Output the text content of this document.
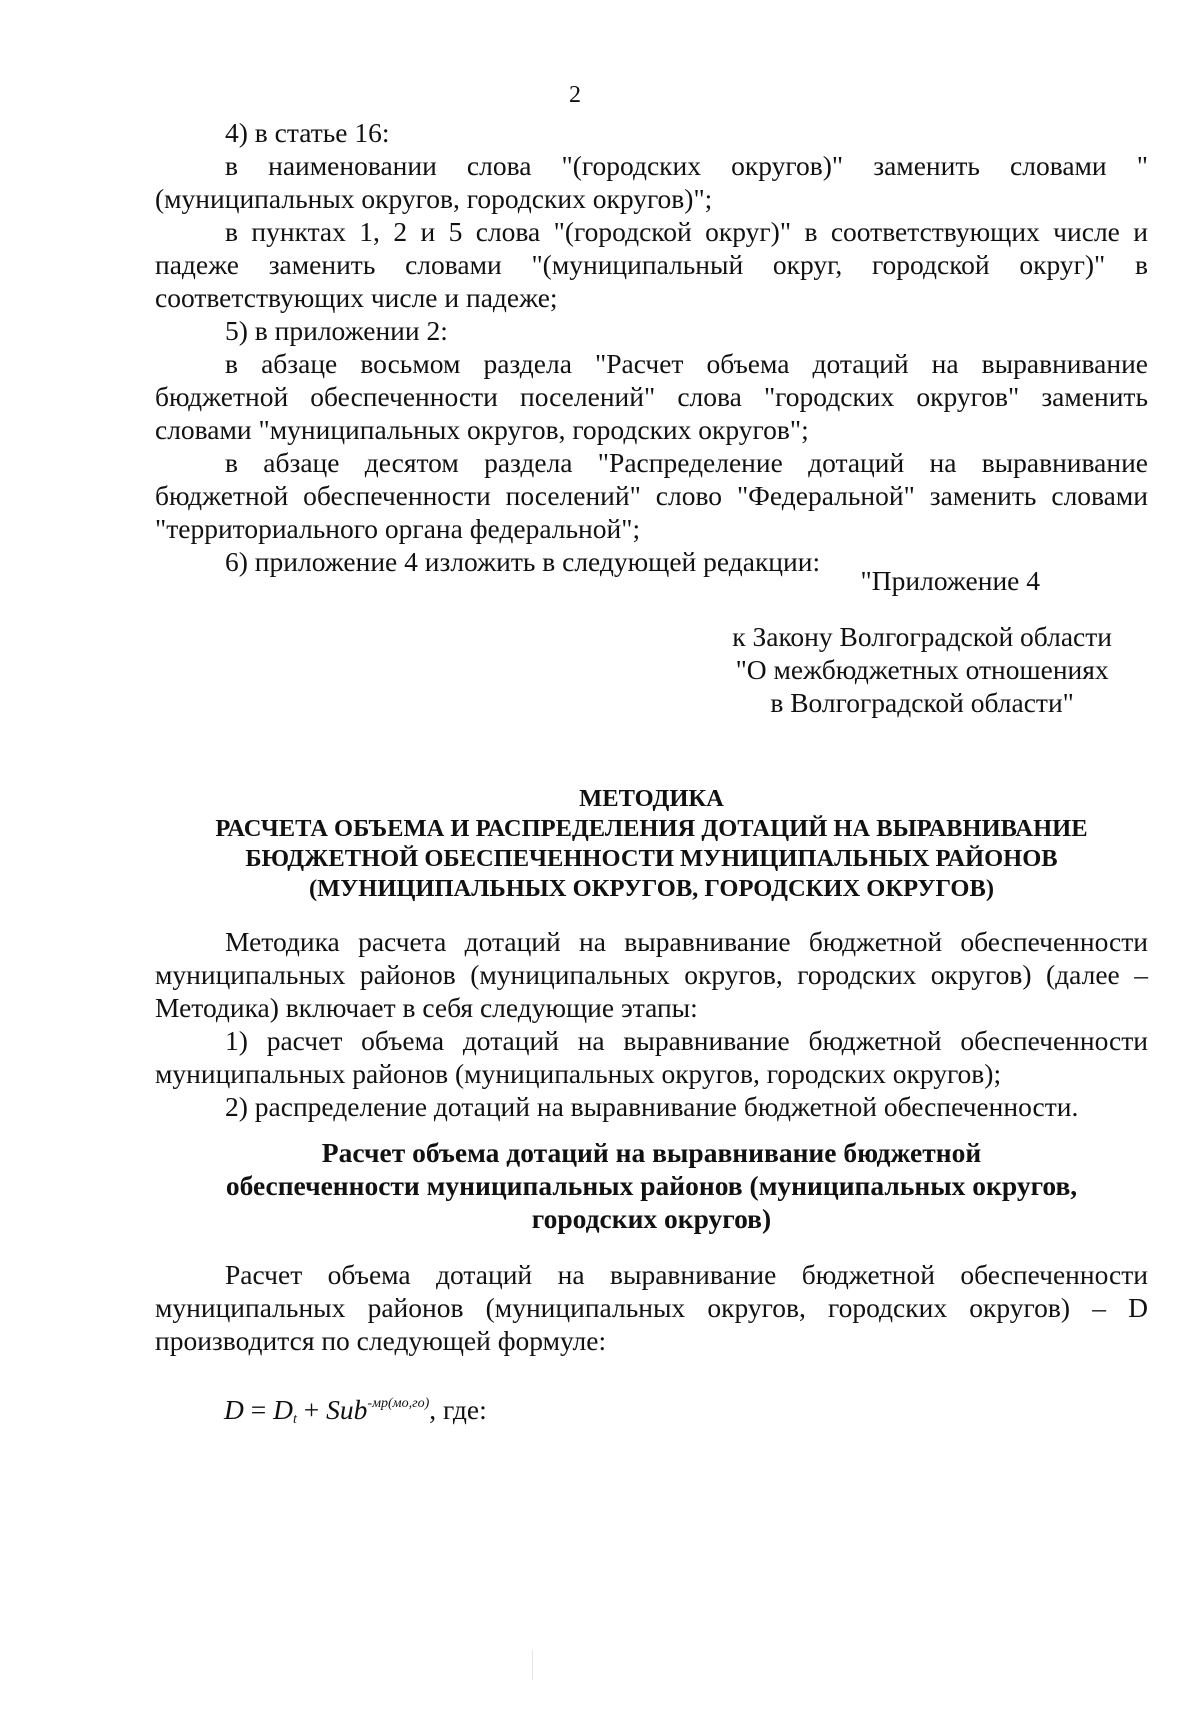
2

4) в статье 16:

в наименовании слова "(городских округов)" заменить словами "(муниципальных округов, городских округов)";

в пунктах 1, 2 и 5 слова "(городской округ)" в соответствующих числе и падеже заменить словами "(муниципальный округ, городской округ)" в соответствующих числе и падеже;

5) в приложении 2:

в абзаце восьмом раздела "Расчет объема дотаций на выравнивание бюджетной обеспеченности поселений" слова "городских округов" заменить словами "муниципальных округов, городских округов";

в абзаце десятом раздела "Распределение дотаций на выравнивание бюджетной обеспеченности поселений" слово "Федеральной" заменить словами "территориального органа федеральной";

6) приложение 4 изложить в следующей редакции:

"Приложение 4
к Закону Волгоградской области
"О межбюджетных отношениях
в Волгоградской области"
МЕТОДИКА
РАСЧЕТА ОБЪЕМА И РАСПРЕДЕЛЕНИЯ ДОТАЦИЙ НА ВЫРАВНИВАНИЕ
БЮДЖЕТНОЙ ОБЕСПЕЧЕННОСТИ МУНИЦИПАЛЬНЫХ РАЙОНОВ
(МУНИЦИПАЛЬНЫХ ОКРУГОВ, ГОРОДСКИХ ОКРУГОВ)

Методика расчета дотаций на выравнивание бюджетной обеспеченности муниципальных районов (муниципальных округов, городских округов) (далее – Методика) включает в себя следующие этапы:

1) расчет объема дотаций на выравнивание бюджетной обеспеченности муниципальных районов (муниципальных округов, городских округов);

2) распределение дотаций на выравнивание бюджетной обеспеченности.

Расчет объема дотаций на выравнивание бюджетной
обеспеченности муниципальных районов (муниципальных округов,
городских округов)

Расчет объема дотаций на выравнивание бюджетной обеспеченности муниципальных районов (муниципальных округов, городских округов) – D производится по следующей формуле:

$D = D_t + Sub^{-мр(мо,го)}$, где:
